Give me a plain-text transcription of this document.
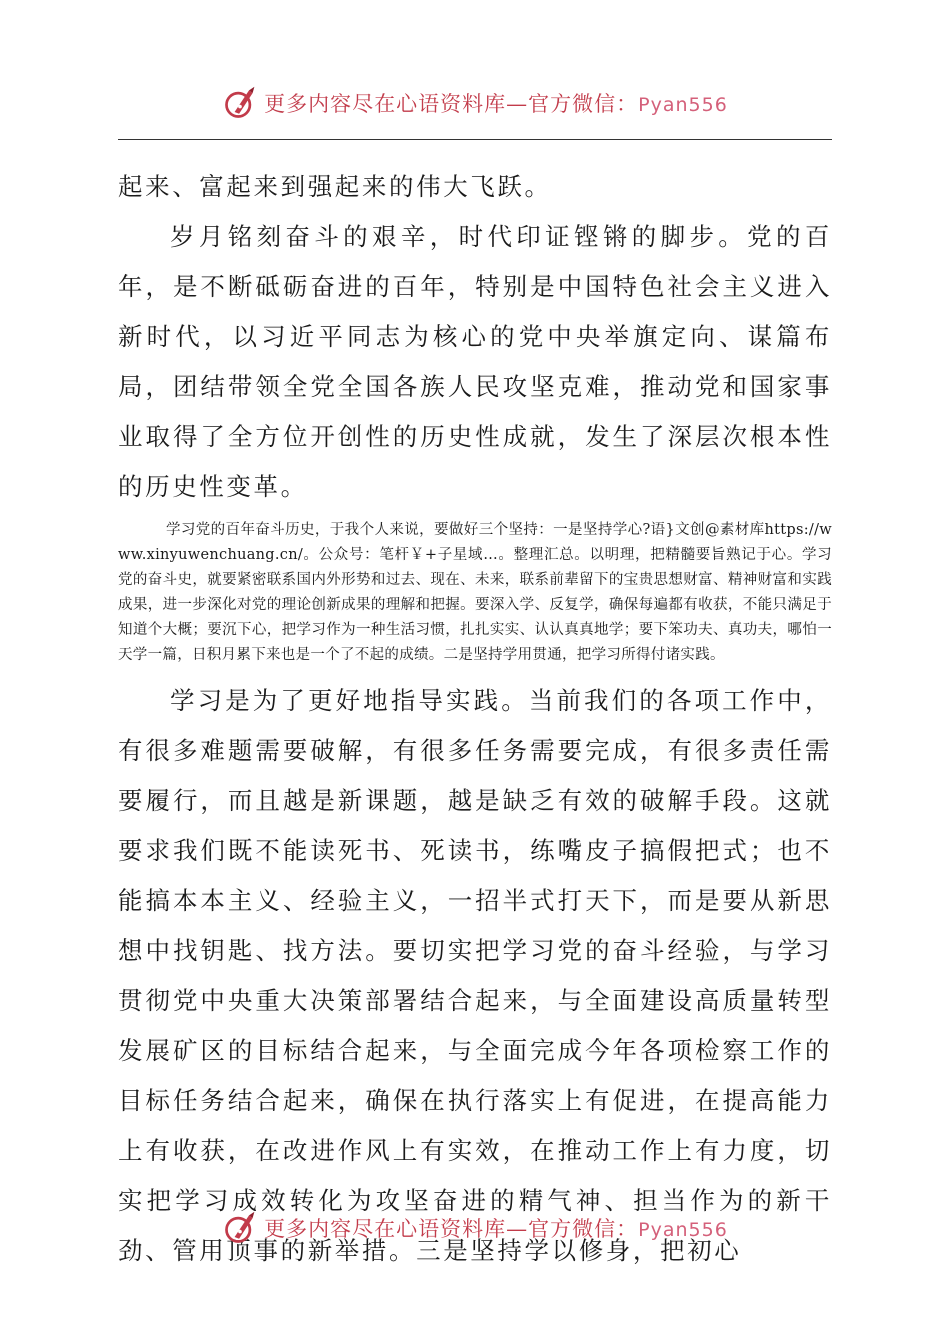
更多内容尽在心语资料库—官方微信：Pyan556

起来、富起来到强起来的伟大飞跃。

岁月铭刻奋斗的艰辛，时代印证铿锵的脚步。党的百年，是不断砥砺奋进的百年，特别是中国特色社会主义进入新时代，以习近平同志为核心的党中央举旗定向、谋篇布局，团结带领全党全国各族人民攻坚克难，推动党和国家事业取得了全方位开创性的历史性成就，发生了深层次根本性的历史性变革。

学习党的百年奋斗历史，于我个人来说，要做好三个坚持：一是坚持学心?语}文创@素材库https://www.xinyuwenchuang.cn/。公众号：笔杆￥+子星域…。整理汇总。以明理，把精髓要旨熟记于心。学习党的奋斗史，就要紧密联系国内外形势和过去、现在、未来，联系前辈留下的宝贵思想财富、精神财富和实践成果，进一步深化对党的理论创新成果的理解和把握。要深入学、反复学，确保每遍都有收获，不能只满足于知道个大概；要沉下心，把学习作为一种生活习惯，扎扎实实、认认真真地学；要下笨功夫、真功夫，哪怕一天学一篇，日积月累下来也是一个了不起的成绩。二是坚持学用贯通，把学习所得付诸实践。

学习是为了更好地指导实践。当前我们的各项工作中，有很多难题需要破解，有很多任务需要完成，有很多责任需要履行，而且越是新课题，越是缺乏有效的破解手段。这就要求我们既不能读死书、死读书，练嘴皮子搞假把式；也不能搞本本主义、经验主义，一招半式打天下，而是要从新思想中找钥匙、找方法。要切实把学习党的奋斗经验，与学习贯彻党中央重大决策部署结合起来，与全面建设高质量转型发展矿区的目标结合起来，与全面完成今年各项检察工作的目标任务结合起来，确保在执行落实上有促进，在提高能力上有收获，在改进作风上有实效，在推动工作上有力度，切实把学习成效转化为攻坚奋进的精气神、担当作为的新干劲、管用顶事的新举措。三是坚持学以修身，把初心

更多内容尽在心语资料库—官方微信：Pyan556
